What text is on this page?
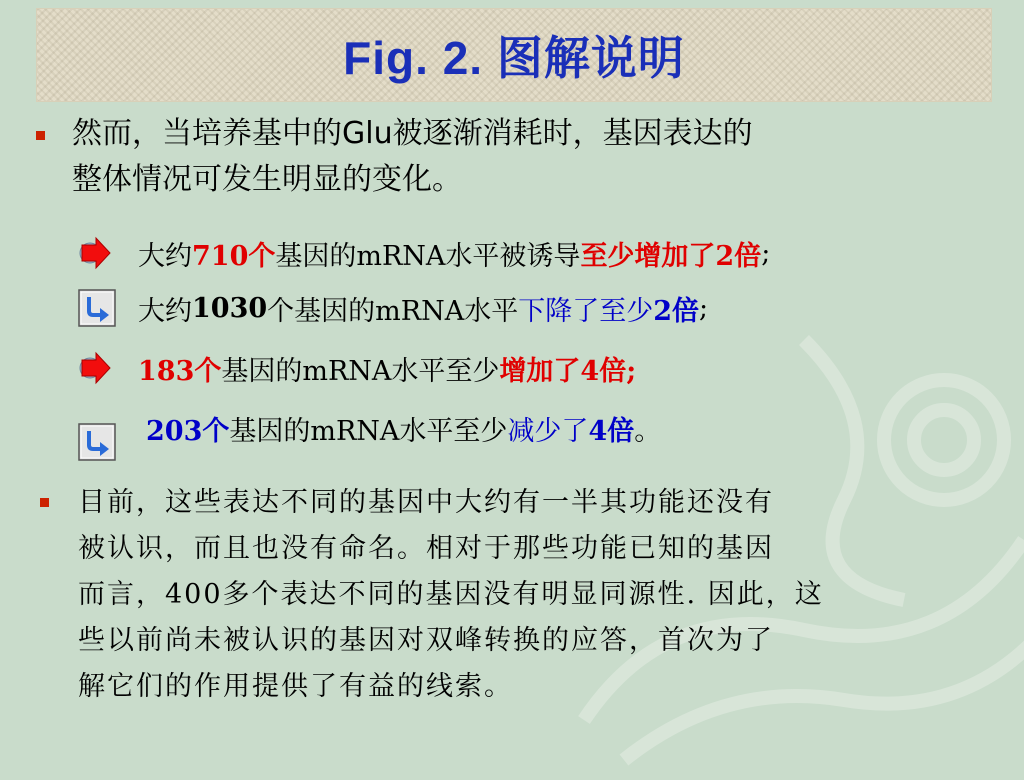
Fig. 2. 图解说明
然而，当培养基中的Glu被逐渐消耗时，基因表达的
整体情况可发生明显的变化。
大约 710个 基因的mRNA水平被诱导 至少增加了2倍 ;
大约 1030 个 基因的mRNA水平 下降了至少 2倍 ;
183个 基因的mRNA水平至少 增加了4倍;
203个 基因的mRNA水平至少 减少了 4倍 。
目前，这些表达不同的基因中大约有一半其功能还没有
被认识，而且也没有命名。相对于那些功能已知的基因
而言，400多个表达不同的基因没有明显同源性. 因此，这
些以前尚未被认识的基因对双峰转换的应答，首次为了
解它们的作用提供了有益的线索。
